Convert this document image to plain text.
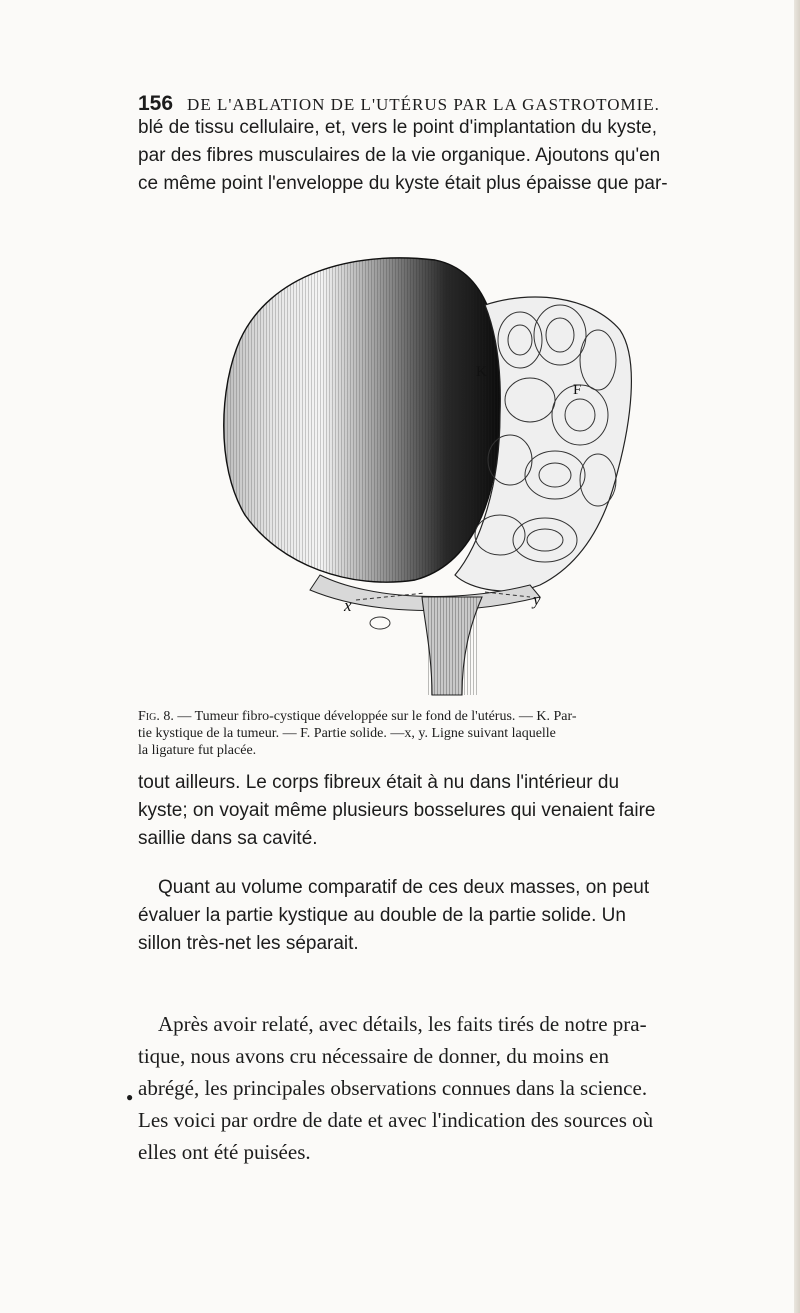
156 DE L'ABLATION DE L'UTÉRUS PAR LA GASTROTOMIE.

blé de tissu cellulaire, et, vers le point d'implantation du kyste,
par des fibres musculaires de la vie organique. Ajoutons qu'en
ce même point l'enveloppe du kyste était plus épaisse que par-

K
F
x	y

Fig. 8. — Tumeur fibro-cystique développée sur le fond de l'utérus. — K. Par-
tie kystique de la tumeur. — F. Partie solide. —x, y. Ligne suivant laquelle
la ligature fut placée.

tout ailleurs. Le corps fibreux était à nu dans l'intérieur du
kyste; on voyait même plusieurs bosselures qui venaient faire
saillie dans sa cavité.

Quant au volume comparatif de ces deux masses, on peut
évaluer la partie kystique au double de la partie solide. Un
sillon très-net les séparait.

Après avoir relaté, avec détails, les faits tirés de notre pra-
tique, nous avons cru nécessaire de donner, du moins en
abrégé, les principales observations connues dans la science.
Les voici par ordre de date et avec l'indication des sources où
elles ont été puisées.

●
